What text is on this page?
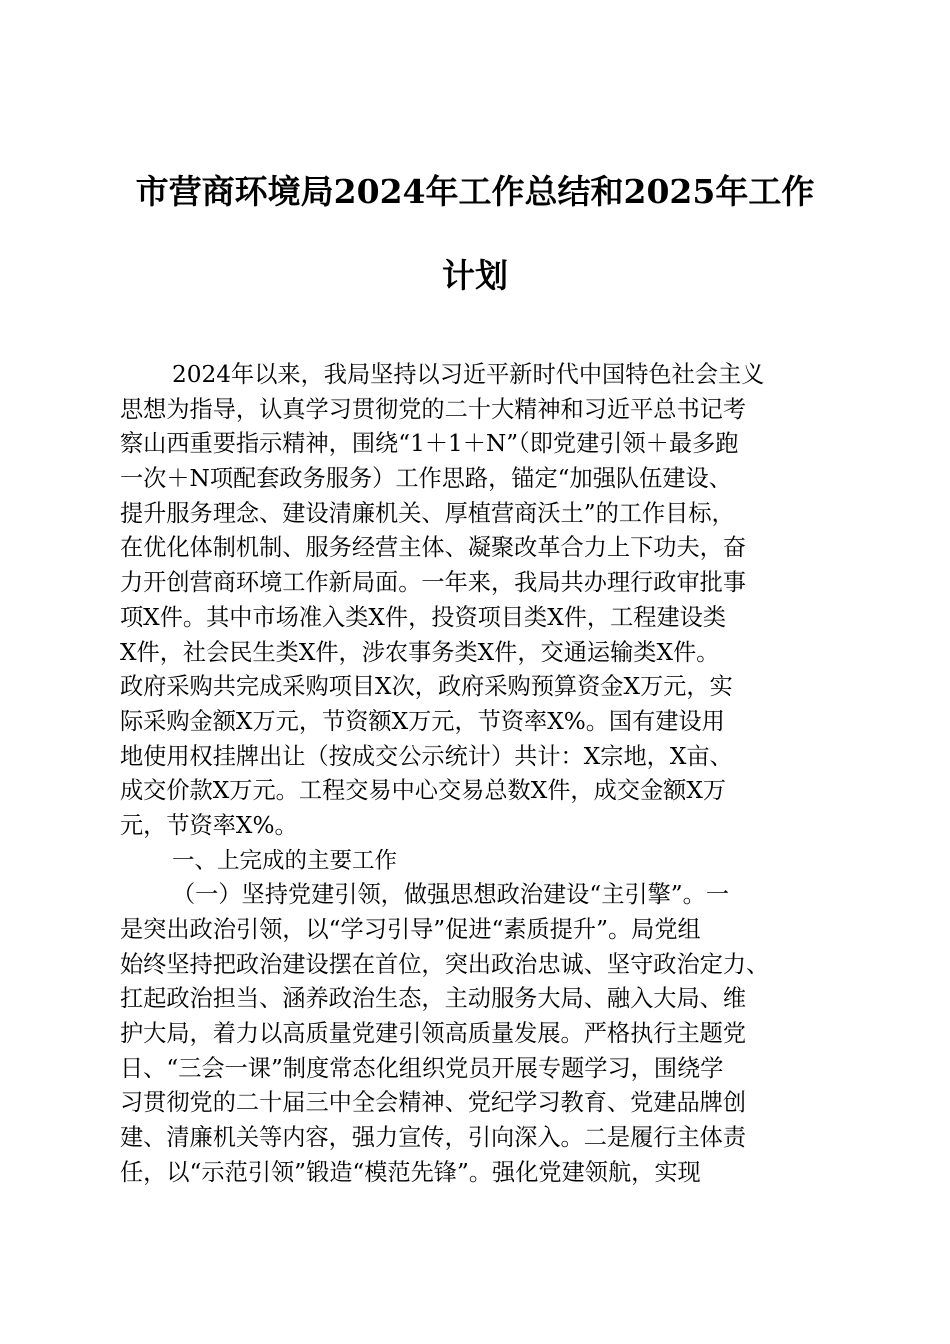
市营商环境局2024年工作总结和2025年工作
计划
2024年以来，我局坚持以习近平新时代中国特色社会主义
思想为指导，认真学习贯彻党的二十大精神和习近平总书记考
察山西重要指示精神，围绕“1＋1＋N”（即党建引领＋最多跑
一次＋N项配套政务服务）工作思路，锚定“加强队伍建设、
提升服务理念、建设清廉机关、厚植营商沃土”的工作目标，
在优化体制机制、服务经营主体、凝聚改革合力上下功夫，奋
力开创营商环境工作新局面。一年来，我局共办理行政审批事
项X件。其中市场准入类X件，投资项目类X件，工程建设类
X件，社会民生类X件，涉农事务类X件，交通运输类X件。
政府采购共完成采购项目X次，政府采购预算资金X万元，实
际采购金额X万元，节资额X万元，节资率X%。国有建设用
地使用权挂牌出让（按成交公示统计）共计：X宗地，X亩、
成交价款X万元。工程交易中心交易总数X件，成交金额X万
元，节资率X%。
一、上完成的主要工作
（一）坚持党建引领，做强思想政治建设“主引擎”。一
是突出政治引领，以“学习引导”促进“素质提升”。局党组
始终坚持把政治建设摆在首位，突出政治忠诚、坚守政治定力、
扛起政治担当、涵养政治生态，主动服务大局、融入大局、维
护大局，着力以高质量党建引领高质量发展。严格执行主题党
日、“三会一课”制度常态化组织党员开展专题学习，围绕学
习贯彻党的二十届三中全会精神、党纪学习教育、党建品牌创
建、清廉机关等内容，强力宣传，引向深入。二是履行主体责
任，以“示范引领”锻造“模范先锋”。强化党建领航，实现
